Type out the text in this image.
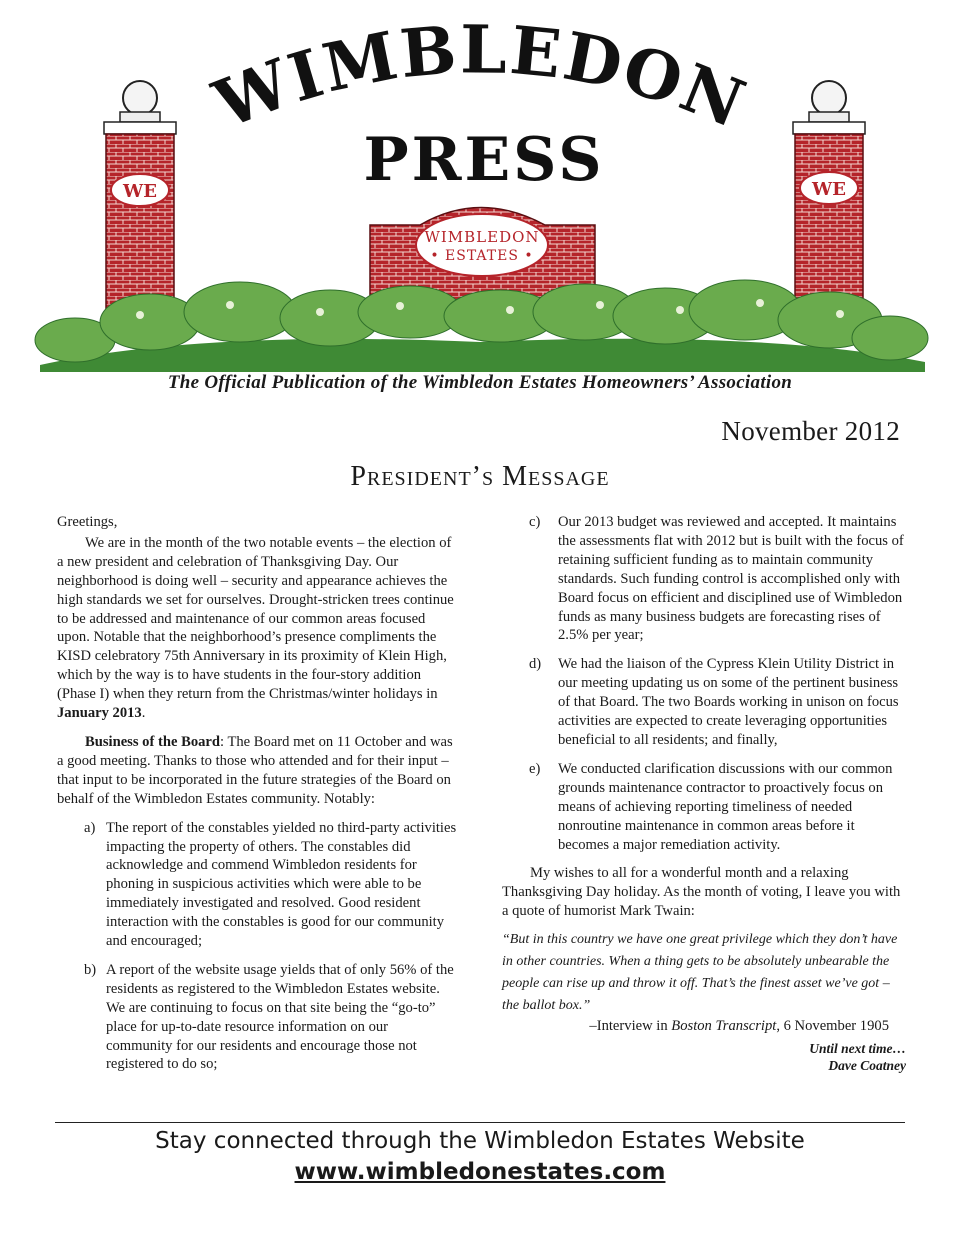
WIMBLEDON
PRESS
WE	WE
WIMBLEDON
• ESTATES •
The Official Publication of the Wimbledon Estates Homeowners’ Association
November 2012
President’s Message

Greetings,

We are in the month of the two notable events – the election of a new president and celebration of Thanksgiving Day. Our neighborhood is doing well – security and appearance achieves the high standards we set for ourselves. Drought-stricken trees continue to be addressed and maintenance of our common areas focused upon. Notable that the neighborhood’s presence compliments the KISD celebratory 75th Anniversary in its proximity of Klein High, which by the way is to have students in the four-story addition (Phase I) when they return from the Christmas/winter holidays in January 2013.

Business of the Board: The Board met on 11 October and was a good meeting. Thanks to those who attended and for their input – that input to be incorporated in the future strategies of the Board on behalf of the Wimbledon Estates community. Notably:

a) The report of the constables yielded no third-party activities impacting the property of others. The constables did acknowledge and commend Wimbledon residents for phoning in suspicious activities which were able to be immediately investigated and resolved. Good resident interaction with the constables is good for our community and encouraged;
b) A report of the website usage yields that of only 56% of the residents as registered to the Wimbledon Estates website. We are continuing to focus on that site being the “go-to” place for up-to-date resource information on our community for our residents and encourage those not registered to do so;
c) Our 2013 budget was reviewed and accepted. It maintains the assessments flat with 2012 but is built with the focus of retaining sufficient funding as to maintain community standards. Such funding control is accomplished only with Board focus on efficient and disciplined use of Wimbledon funds as many business budgets are forecasting rises of 2.5% per year;
d) We had the liaison of the Cypress Klein Utility District in our meeting updating us on some of the pertinent business of that Board. The two Boards working in unison on focus activities are expected to create leveraging opportunities beneficial to all residents; and finally,
e) We conducted clarification discussions with our common grounds maintenance contractor to proactively focus on means of achieving reporting timeliness of needed nonroutine maintenance in common areas before it becomes a major remediation activity.

My wishes to all for a wonderful month and a relaxing Thanksgiving Day holiday. As the month of voting, I leave you with a quote of humorist Mark Twain:

“But in this country we have one great privilege which they don’t have in other countries. When a thing gets to be absolutely unbearable the people can rise up and throw it off. That’s the finest asset we’ve got – the ballot box.”

–Interview in Boston Transcript, 6 November 1905

Until next time…

Dave Coatney

Stay connected through the Wimbledon Estates Website
www.wimbledonestates.com
